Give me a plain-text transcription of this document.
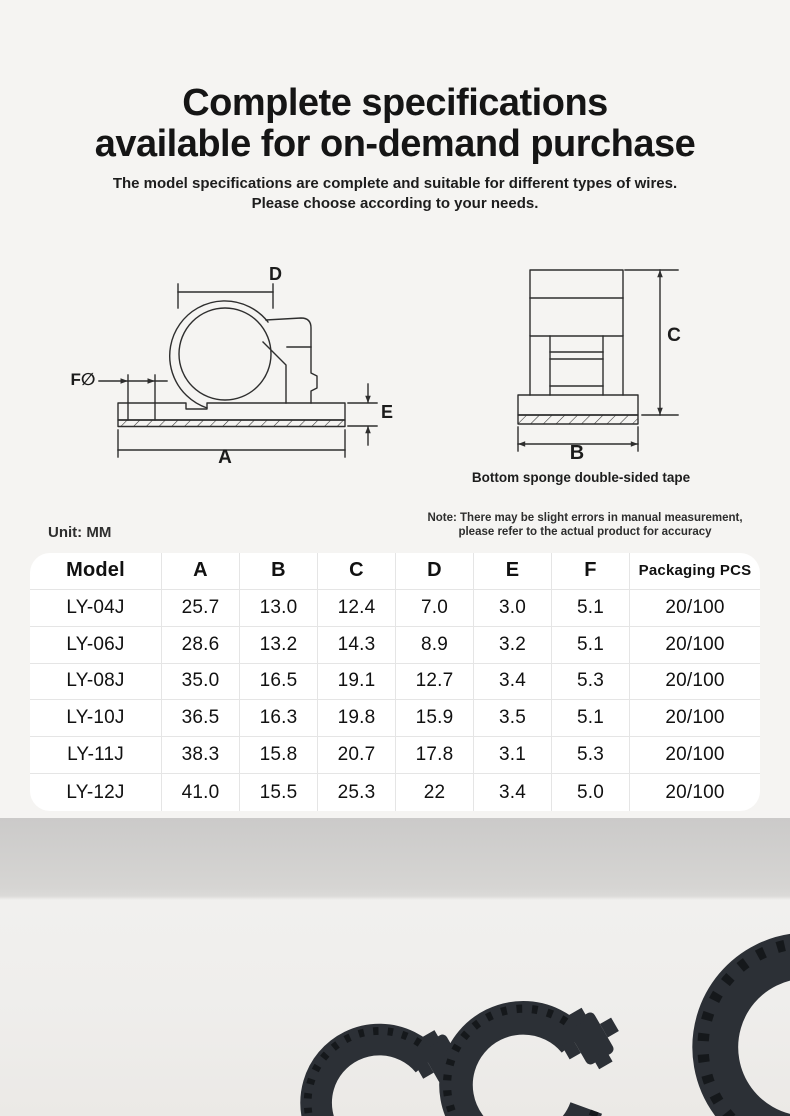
Complete specifications
available for on-demand purchase
The model specifications are complete and suitable for different types of wires.
Please choose according to your needs.
D
F∅
E
A
C
B
Bottom sponge double-sided tape
Unit: MM
Note: There may be slight errors in manual measurement,
please refer to the actual product for accuracy
Model	A	B	C	D	E	F	Packaging PCS
LY-04J	25.7	13.0	12.4	7.0	3.0	5.1	20/100
LY-06J	28.6	13.2	14.3	8.9	3.2	5.1	20/100
LY-08J	35.0	16.5	19.1	12.7	3.4	5.3	20/100
LY-10J	36.5	16.3	19.8	15.9	3.5	5.1	20/100
LY-11J	38.3	15.8	20.7	17.8	3.1	5.3	20/100
LY-12J	41.0	15.5	25.3	22	3.4	5.0	20/100
